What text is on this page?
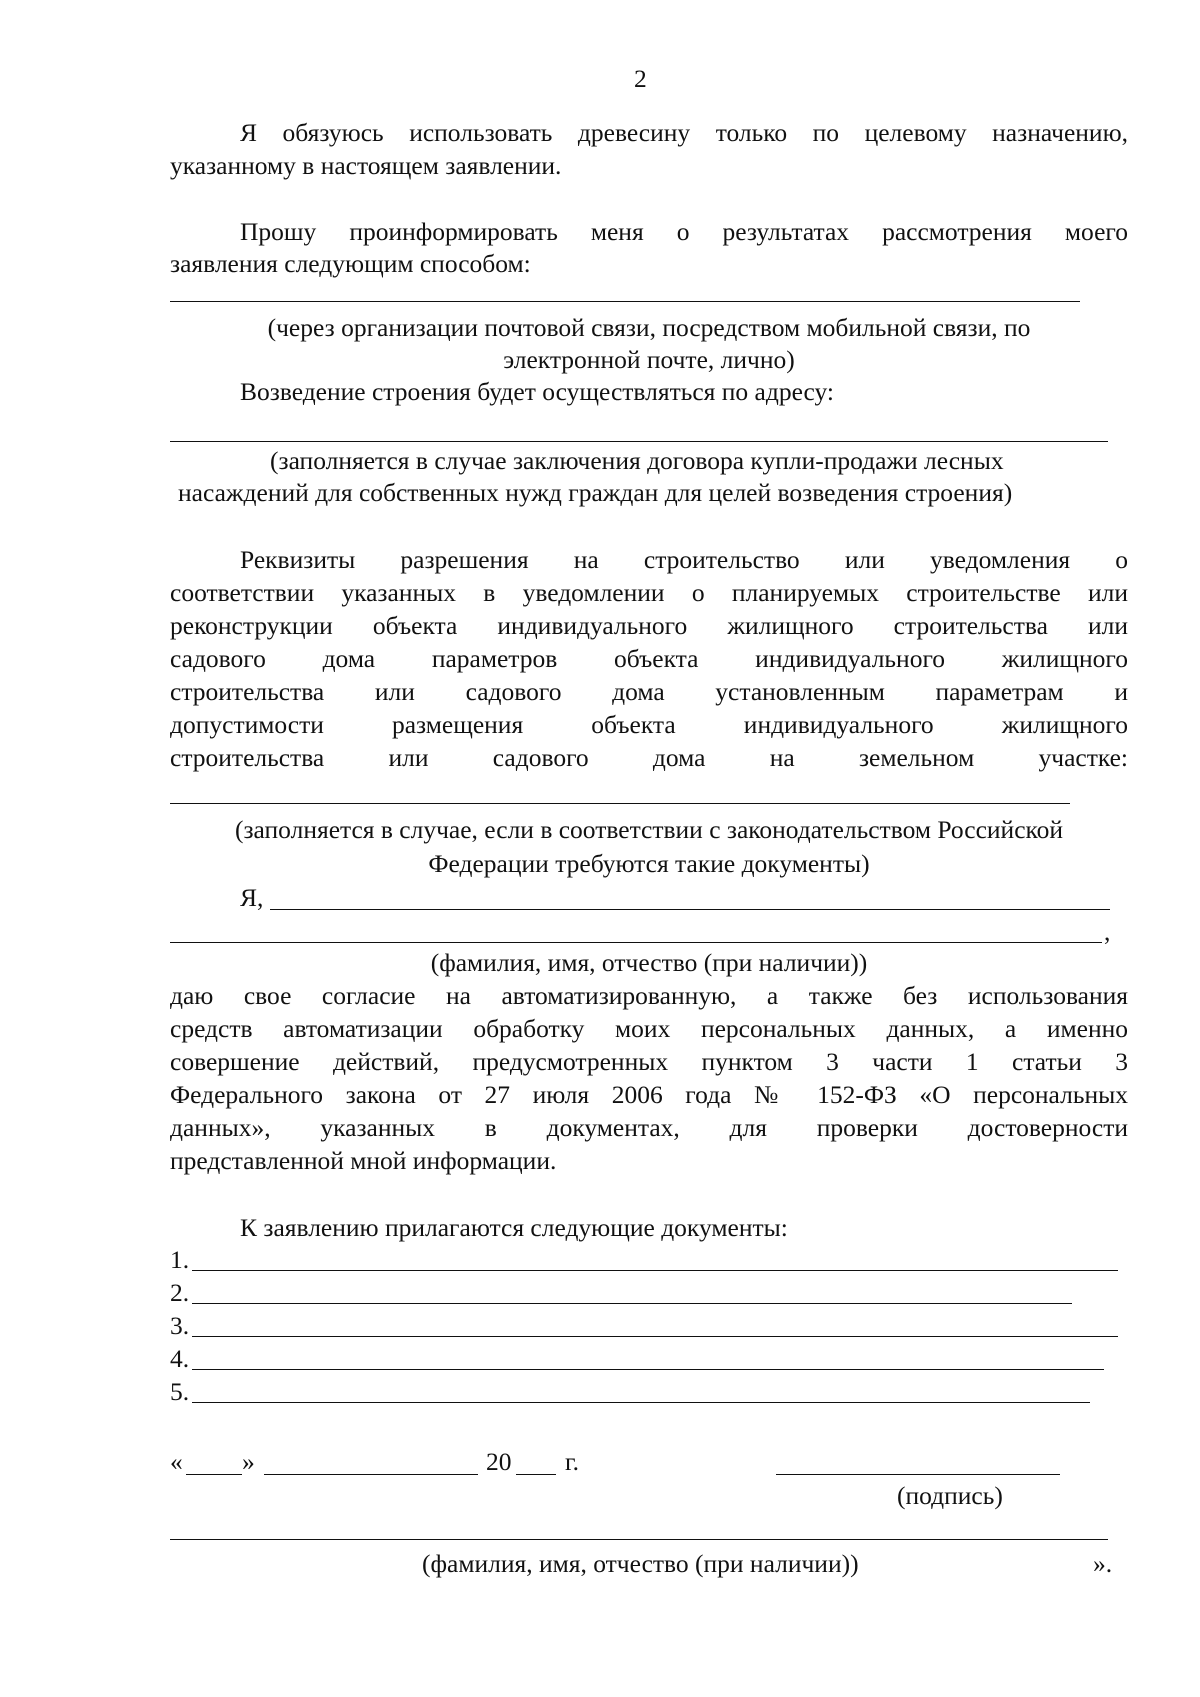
2
Я обязуюсь использовать древесину только по целевому назначению,
указанному в настоящем заявлении.
Прошу проинформировать меня о результатах рассмотрения моего
заявления следующим способом:
(через организации почтовой связи, посредством мобильной связи, по
электронной почте, лично)
Возведение строения будет осуществляться по адресу:
(заполняется в случае заключения договора купли-продажи лесных
насаждений для собственных нужд граждан для целей возведения строения)
Реквизиты разрешения на строительство или уведомления о
соответствии указанных в уведомлении о планируемых строительстве или
реконструкции объекта индивидуального жилищного строительства или
садового дома параметров объекта индивидуального жилищного
строительства или садового дома установленным параметрам и
допустимости размещения объекта индивидуального жилищного
строительства или садового дома на земельном участке:
(заполняется в случае, если в соответствии с законодательством Российской
Федерации требуются такие документы)
Я,
,
(фамилия, имя, отчество (при наличии))
даю свое согласие на автоматизированную, а также без использования
средств автоматизации обработку моих персональных данных, а именно
совершение действий, предусмотренных пунктом 3 части 1 статьи 3
Федерального закона от 27 июля 2006 года № 152-ФЗ «О персональных
данных», указанных в документах, для проверки достоверности
представленной мной информации.
К заявлению прилагаются следующие документы:
1.
2.
3.
4.
5.
« »	20 г.
(подпись)
(фамилия, имя, отчество (при наличии))	».
